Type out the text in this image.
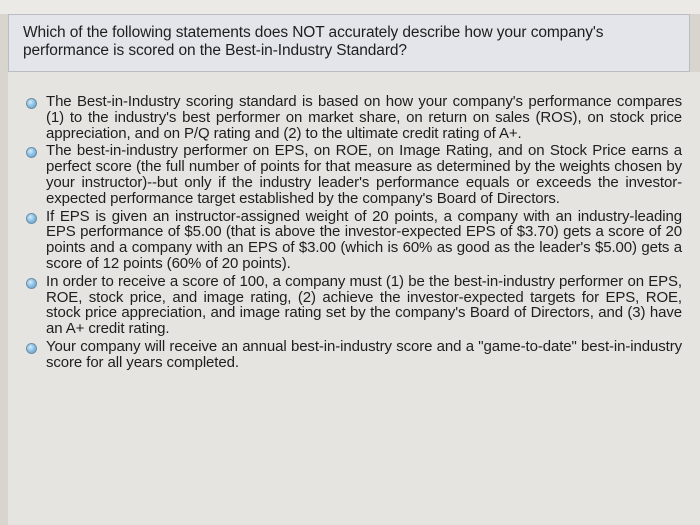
Which of the following statements does NOT accurately describe how your company's performance is scored on the Best-in-Industry Standard?

The Best-in-Industry scoring standard is based on how your company's performance compares (1) to the industry's best performer on market share, on return on sales (ROS), on stock price appreciation, and on P/Q rating and (2) to the ultimate credit rating of A+.
The best-in-industry performer on EPS, on ROE, on Image Rating, and on Stock Price earns a perfect score (the full number of points for that measure as determined by the weights chosen by your instructor)--but only if the industry leader's performance equals or exceeds the investor-expected performance target established by the company's Board of Directors.
If EPS is given an instructor-assigned weight of 20 points, a company with an industry-leading EPS performance of $5.00 (that is above the investor-expected EPS of $3.70) gets a score of 20 points and a company with an EPS of $3.00 (which is 60% as good as the leader's $5.00) gets a score of 12 points (60% of 20 points).
In order to receive a score of 100, a company must (1) be the best-in-industry performer on EPS, ROE, stock price, and image rating, (2) achieve the investor-expected targets for EPS, ROE, stock price appreciation, and image rating set by the company's Board of Directors, and (3) have an A+ credit rating.
Your company will receive an annual best-in-industry score and a "game-to-date" best-in-industry score for all years completed.
